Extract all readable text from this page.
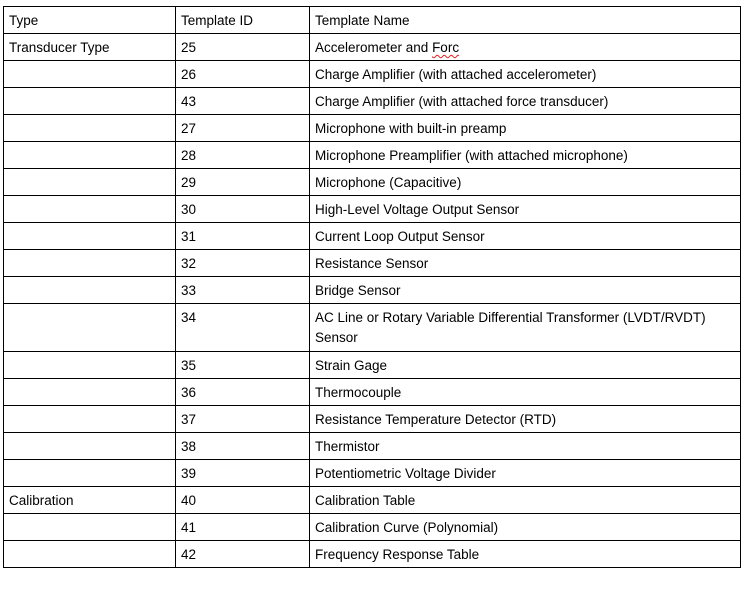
Type	Template ID	Template Name
Transducer Type	25	Accelerometer and Forc
	26	Charge Amplifier (with attached accelerometer)
	43	Charge Amplifier (with attached force transducer)
	27	Microphone with built-in preamp
	28	Microphone Preamplifier (with attached microphone)
	29	Microphone (Capacitive)
	30	High-Level Voltage Output Sensor
	31	Current Loop Output Sensor
	32	Resistance Sensor
	33	Bridge Sensor
	34	AC Line or Rotary Variable Differential Transformer (LVDT/RVDT) Sensor
	35	Strain Gage
	36	Thermocouple
	37	Resistance Temperature Detector (RTD)
	38	Thermistor
	39	Potentiometric Voltage Divider
Calibration	40	Calibration Table
	41	Calibration Curve (Polynomial)
	42	Frequency Response Table
